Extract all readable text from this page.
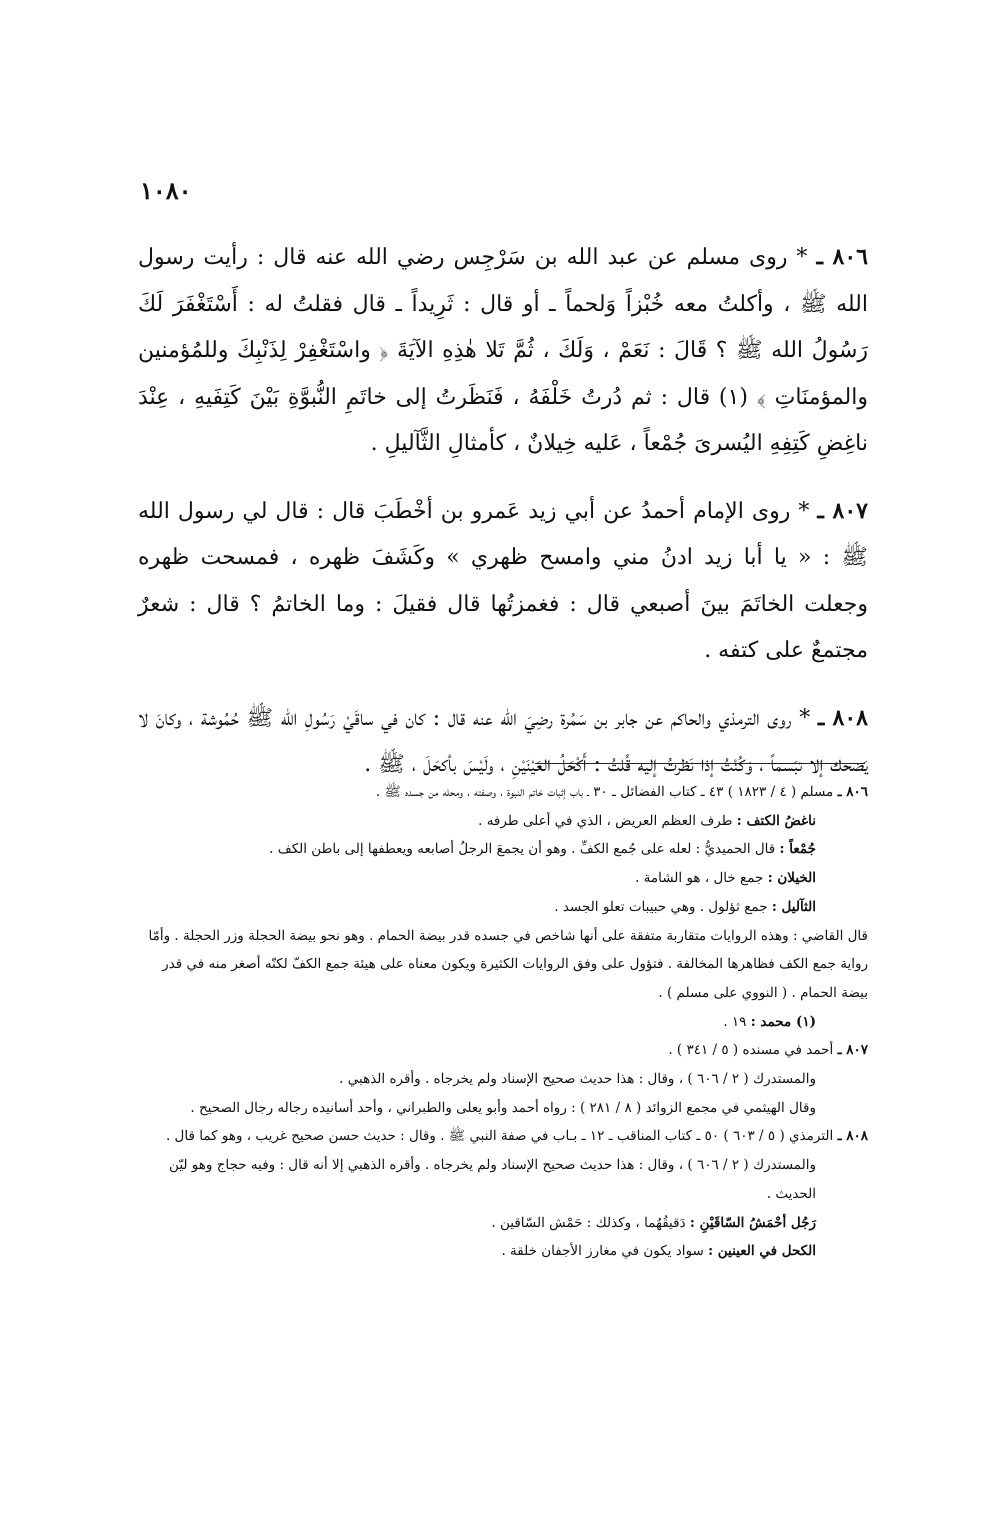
١٠٨٠

٨٠٦ ـ * روى مسلم عن عبد الله بن سَرْجِس رضي الله عنه قال : رأيت رسول الله ﷺ ، وأكلتُ معه خُبْزاً وَلحماً ـ أو قال : ثَرِيداً ـ قال فقلتُ له : أَسْتَغْفَرَ لَكَ رَسُولُ الله ﷺ ؟ قَالَ : نَعَمْ ، وَلَكَ ، ثُمَّ تَلا هٰذِهِ الآيَةَ ﴿ واسْتَغْفِرْ لِذَنْبِكَ وللمُؤمنين والمؤمنَاتِ ﴾ (١) قال : ثم دُرتُ خَلْفَهُ ، فَنَظَرتُ إلى خاتَمِ النُّبوَّةِ بَيْنَ كَتِفَيهِ ، عِنْدَ ناغِضِ كَتِفِهِ اليُسرىَ جُمْعاً ، عَليه خِيلانٌ ، كأمثالِ الثَّآليلِ .

٨٠٧ ـ * روى الإمام أحمدُ عن أبي زيد عَمرو بن أخْطَبَ قال : قال لي رسول الله ﷺ : « يا أبا زيد ادنُ مني وامسح ظهري » وكَشَفَ ظهره ، فمسحت ظهره وجعلت الخاتَمَ بينَ أصبعي قال : فغمزتُها قال فقيلَ : وما الخاتمُ ؟ قال : شعرٌ مجتمعٌ على كتفه .

٨٠٨ ـ * روى الترمذي والحاكم عن جابر بن سَمُرة رضِيَ الله عنه قال : كان في ساقَيْ رَسُولِ الله ﷺ حُمُوشة ، وكانَ لا يَضحك إلا تبَسماً ، وَكُنْتُ إذا نَظرتُ إليه قُلتُ : أَكْحَلُ العَيْنَيْنِ ، ولَيْسَ بأكحَلَ ، ﷺ .

٨٠٦ ـ مسلم ( ٤ / ١٨٢٣ ) ٤٣ ـ كتاب الفضائل ـ ٣٠ ـ باب إثبات خاتم النبوة ، وصفته ، ومحله من جسده ﷺ .

ناغضُ الكتف : طرف العظم العريض ، الذي في أعلى طرفه .

جُمْعاً : قال الحميديُّ : لعله على جُمع الكفِّ . وهو أن يجمعَ الرجلُ أصابعه ويعطفها إلى باطن الكف .

الخيلان : جمع خال ، هو الشامة .

الثآليل : جمع ثؤلول . وهي حبيبات تعلو الجسد .

قال القاضي : وهذه الروايات متقاربة متفقة على أنها شاخص في جسده قدر بيضة الحمام . وهو نحو بيضة الحجلة وزر الحجلة . وأمّا رواية جمع الكف فظاهرها المخالفة . فتؤول على وفق الروايات الكثيرة ويكون معناه على هيئة جمع الكفّ لكنّه أصغر منه في قدر بيضة الحمام . ( النووي على مسلم ) .

(١) محمد : ١٩ .

٨٠٧ ـ أحمد في مسنده ( ٥ / ٣٤١ ) .

والمستدرك ( ٢ / ٦٠٦ ) ، وقال : هذا حديث صحيح الإسناد ولم يخرجاه . وأقره الذهبي .

وقال الهيثمي في مجمع الزوائد ( ٨ / ٢٨١ ) : رواه أحمد وأبو يعلى والطبراني ، وأحد أسانيده رجاله رجال الصحيح .

٨٠٨ ـ الترمذي ( ٥ / ٦٠٣ ) ٥٠ ـ كتاب المناقب ـ ١٢ ـ بـاب في صفة النبي ﷺ . وقال : حديث حسن صحيح غريب ، وهو كما قال .

والمستدرك ( ٢ / ٦٠٦ ) ، وقال : هذا حديث صحيح الإسناد ولم يخرجاه . وأقره الذهبي إلا أنه قال : وفيه حجاج وهو ليّن الحديث .

رَجُل أحْمَشُ السّاقَيْنِ : دَقيقُهُما ، وكذلك : حَمْش السّاقين .

الكحل في العينين : سواد يكون في مغارز الأجفان خلقة .
